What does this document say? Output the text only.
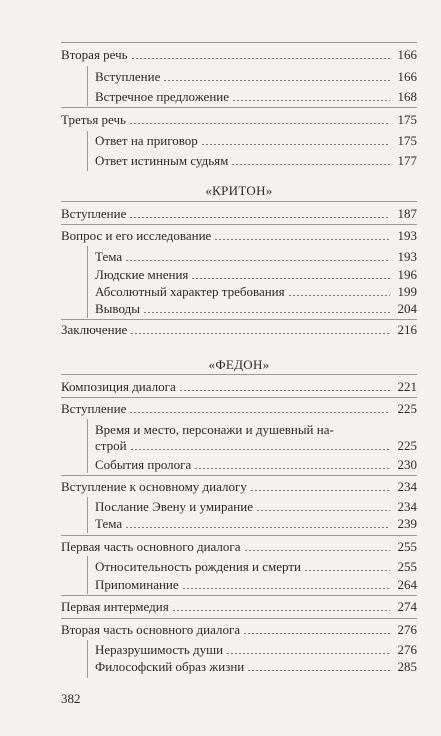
Вторая речь	166
Вступление	166
Встречное предложение	168
Третья речь	175
Ответ на приговор	175
Ответ истинным судьям	177
«КРИТОН»
Вступление	187
Вопрос и его исследование	193
Тема	193
Людские мнения	196
Абсолютный характер требования	199
Выводы	204
Заключение	216
«ФЕДОН»
Композиция диалога	221
Вступление	225
Время и место, персонажи и душевный на-
строй	225
События пролога	230
Вступление к основному диалогу	234
Послание Эвену и умирание	234
Тема	239
Первая часть основного диалога	255
Относительность рождения и смерти	255
Припоминание	264
Первая интермедия	274
Вторая часть основного диалога	276
Неразрушимость души	276
Философский образ жизни	285
382
